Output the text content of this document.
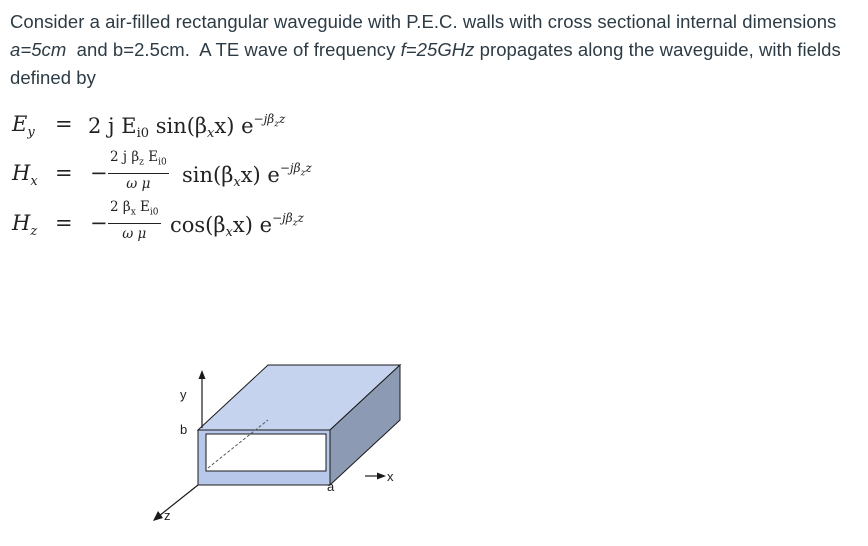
Consider a air-filled rectangular waveguide with P.E.C. walls with cross sectional internal dimensions
a=5cm  and b=2.5cm.  A TE wave of frequency f=25GHz propagates along the waveguide, with fields
defined by
$E_y = 2$ j $E_{i0}$ $\sin(\beta_xx)$ $e^{-j\beta_zz}$
$H_x$ = −
2 j $\beta_z$ $E_{i0}$
ω μ	$\sin(\beta_xx)$ $e^{-j\beta_zz}$
$H_z$ = −
2 $\beta_x$ $E_{i0}$
ω μ	$\cos(\beta_xx)$ $e^{-j\beta_zz}$
y
b
a
x
z
